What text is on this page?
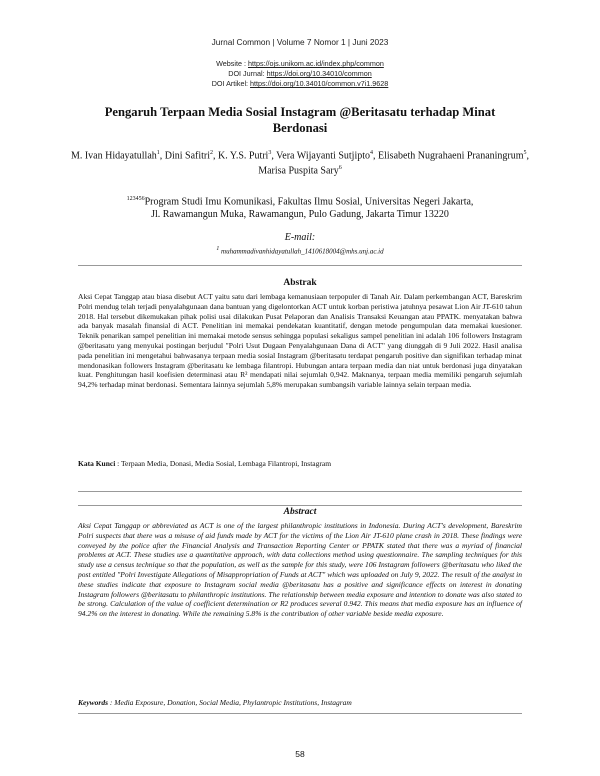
Jurnal Common | Volume 7 Nomor 1 | Juni 2023
Website : https://ojs.unikom.ac.id/index.php/common
DOI Jurnal: https://doi.org/10.34010/common
DOI Artikel: https://doi.org/10.34010/common.v7i1.9628
Pengaruh Terpaan Media Sosial Instagram @Beritasatu terhadap Minat Berdonasi
M. Ivan Hidayatullah$^1$, Dini Safitri$^2$, K. Y.S. Putri$^3$, Vera Wijayanti Sutjipto$^4$, Elisabeth Nugrahaeni Prananingrum$^5$, Marisa Puspita Sary$^6$
$^{123456}$Program Studi Imu Komunikasi, Fakultas Ilmu Sosial, Universitas Negeri Jakarta,
Jl. Rawamangun Muka, Rawamangun, Pulo Gadung, Jakarta Timur 13220
E-mail:
$^1$ muhammadivanhidayatullah_1410618004@mhs.unj.ac.id
Abstrak
Aksi Cepat Tanggap atau biasa disebut ACT yaitu satu dari lembaga kemanusiaan terpopuler di Tanah Air. Dalam perkembangan ACT, Bareskrim Polri mendug telah terjadi penyalahgunaan dana bantuan yang digelontorkan ACT untuk korban peristiwa jatuhnya pesawat Lion Air JT-610 tahun 2018. Hal tersebut dikemukakan pihak polisi usai dilakukan Pusat Pelaporan dan Analisis Transaksi Keuangan atau PPATK. menyatakan bahwa ada banyak masalah finansial di ACT. Penelitian ini memakai pendekatan kuantitatif, dengan metode pengumpulan data memakai kuesioner. Teknik penarikan sampel penelitian ini memakai metode sensus sehingga populasi sekaligus sampel penelitian ini adalah 106 followers Instagram @beritasatu yang menyukai postingan berjudul "Polri Usut Dugaan Penyalahgunaan Dana di ACT" yang diunggah di 9 Juli 2022. Hasil analisa pada penelitian ini mengetahui bahwasanya terpaan media sosial Instagram @beritasatu terdapat pengaruh positive dan signifikan terhadap minat mendonasikan followers Instagram @beritasatu ke lembaga filantropi. Hubungan antara terpaan media dan niat untuk berdonasi juga dinyatakan kuat. Penghitungan hasil koefisien determinasi atau R² mendapati nilai sejumlah 0,942. Maknanya, terpaan media memiliki pengaruh sejumlah 94,2% terhadap minat berdonasi. Sementara lainnya sejumlah 5,8% merupakan sumbangsih variable lainnya selain terpaan media.
Kata Kunci : Terpaan Media, Donasi, Media Sosial, Lembaga Filantropi, Instagram
Abstract
Aksi Cepat Tanggap or abbreviated as ACT is one of the largest philanthropic institutions in Indonesia. During ACT's development, Bareskrim Polri suspects that there was a misuse of aid funds made by ACT for the victims of the Lion Air JT-610 plane crash in 2018. These findings were conveyed by the police after the Financial Analysis and Transaction Reporting Center or PPATK stated that there was a myriad of financial problems at ACT. These studies use a quantitative approach, with data collections method using questionnaire. The sampling techniques for this study use a census technique so that the population, as well as the sample for this study, were 106 Instagram followers @beritasatu who liked the post entitled "Polri Investigate Allegations of Misappropriation of Funds at ACT" which was uploaded on July 9, 2022. The result of the analyst in these studies indicate that exposure to Instagram social media @beritasatu has a positive and significance effects on interest in donating Instagram followers @beritasatu to philanthropic institutions. The relationship between media exposure and intention to donate was also stated to be strong. Calculation of the value of coefficient determination or R2 produces several 0.942. This means that media exposure has an influence of 94.2% on the interest in donating. While the remaining 5.8% is the contribution of other variable beside media exposure.
Keywords : Media Exposure, Donation, Social Media, Phylantropic Institutions, Instagram
58
